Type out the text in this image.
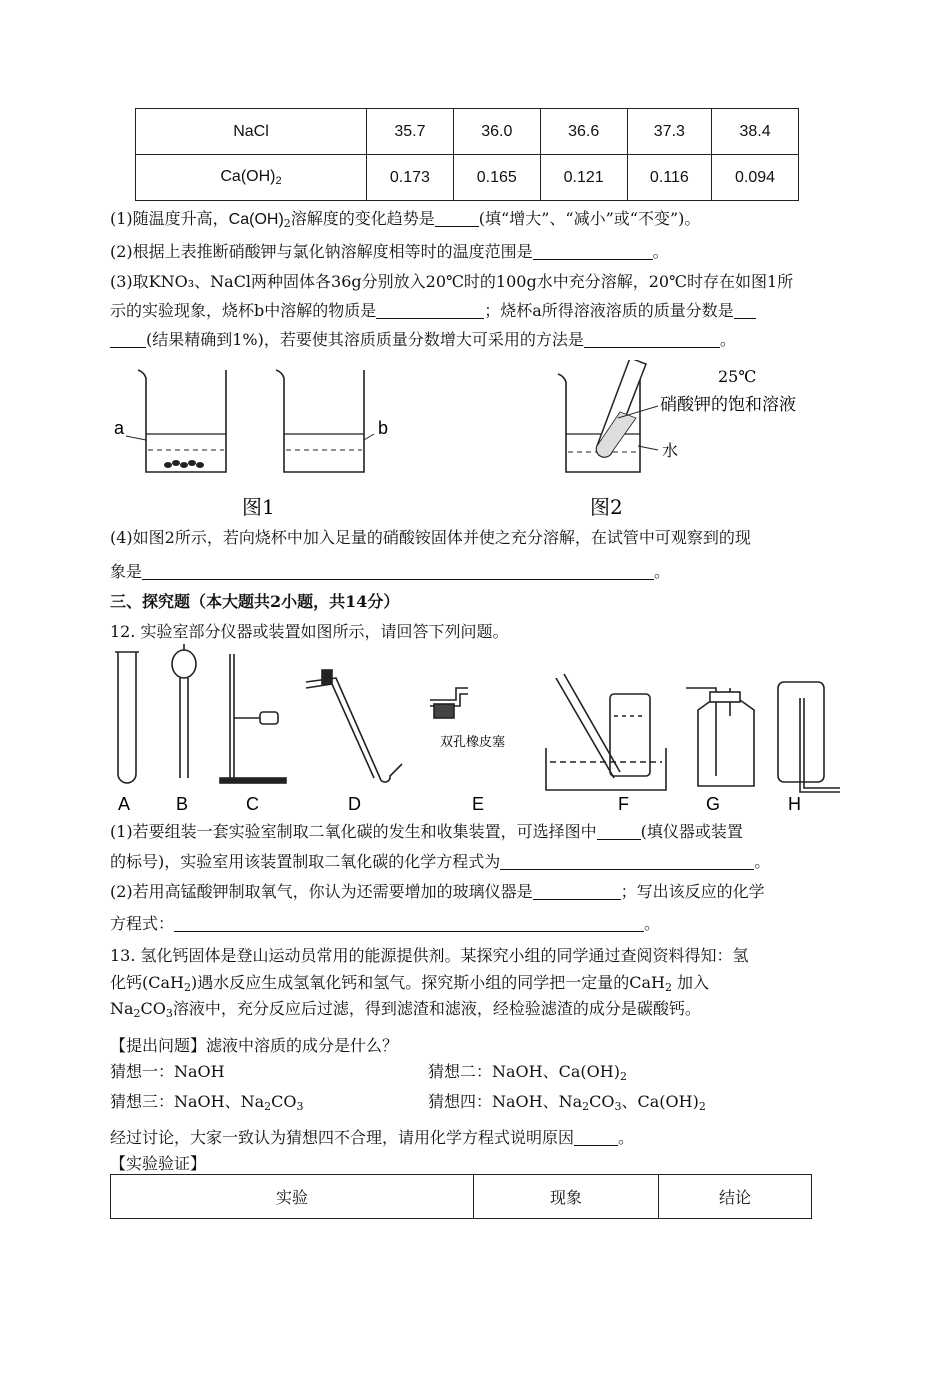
NaCl	35.7	36.0	36.6	37.3	38.4
$Ca(OH)_2$	0.173	0.165	0.121	0.116	0.094
(1)随温度升高，$Ca(OH)_2$溶解度的变化趋势是	(填“增大”、“减小”或“不变”)。
(2)根据上表推断硝酸钾与氯化钠溶解度相等时的温度范围是	。
(3)取KNO₃、NaCl两种固体各36g分别放入20℃时的100g水中充分溶解，20℃时存在如图1所
示的实验现象，烧杯b中溶解的物质是	；烧杯a所得溶液溶质的质量分数是
(结果精确到1%)，若要使其溶质质量分数增大可采用的方法是	。
a	b
图1
25℃
硝酸钾的饱和溶液
水
图2
(4)如图2所示，若向烧杯中加入足量的硝酸铵固体并使之充分溶解，在试管中可观察到的现
象是	。
三、探究题（本大题共2小题，共14分）
12. 实验室部分仪器或装置如图所示，请回答下列问题。
双孔橡皮塞
A	B	C	D	E	F	G	H
(1)若要组装一套实验室制取二氧化碳的发生和收集装置，可选择图中	(填仪器或装置
的标号)，实验室用该装置制取二氧化碳的化学方程式为	。
(2)若用高锰酸钾制取氧气，你认为还需要增加的玻璃仪器是	；写出该反应的化学
方程式：	。
13. 氢化钙固体是登山运动员常用的能源提供剂。某探究小组的同学通过查阅资料得知：氢
化钙(CaH$_2$)遇水反应生成氢氧化钙和氢气。探究斯小组的同学把一定量的CaH$_2$ 加入
$Na_2CO_3$溶液中，充分反应后过滤，得到滤渣和滤液，经检验滤渣的成分是碳酸钙。
【提出问题】滤液中溶质的成分是什么？
猜想一：NaOH	猜想二：NaOH、$Ca(OH)_2$
猜想三：NaOH、$Na_2CO_3$	猜想四：NaOH、$Na_2CO_3$、$Ca(OH)_2$
经过讨论，大家一致认为猜想四不合理，请用化学方程式说明原因	。
【实验验证】
实验	现象	结论
